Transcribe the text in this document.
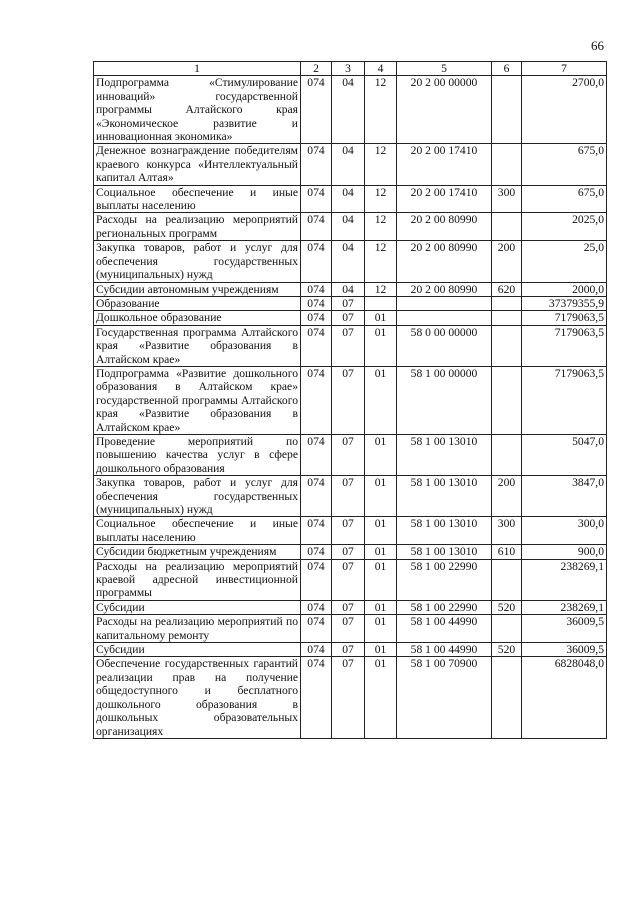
66
1	2	3	4	5	6	7
Подпрограмма «Стимулирование инноваций» государственной программы Алтайского края «Экономическое развитие и инновационная экономика»	074	04	12	20 2 00 00000		2700,0
Денежное вознаграждение победителям краевого конкурса «Интеллектуальный капитал Алтая»	074	04	12	20 2 00 17410		675,0
Социальное обеспечение и иные выплаты населению	074	04	12	20 2 00 17410	300	675,0
Расходы на реализацию мероприятий региональных программ	074	04	12	20 2 00 80990		2025,0
Закупка товаров, работ и услуг для обеспечения государственных (муниципальных) нужд	074	04	12	20 2 00 80990	200	25,0
Субсидии автономным учреждениям	074	04	12	20 2 00 80990	620	2000,0
Образование	074	07				37379355,9
Дошкольное образование	074	07	01			7179063,5
Государственная программа Алтайского края «Развитие образования в Алтайском крае»	074	07	01	58 0 00 00000		7179063,5
Подпрограмма «Развитие дошкольного образования в Алтайском крае» государственной программы Алтайского края «Развитие образования в Алтайском крае»	074	07	01	58 1 00 00000		7179063,5
Проведение мероприятий по повышению качества услуг в сфере дошкольного образования	074	07	01	58 1 00 13010		5047,0
Закупка товаров, работ и услуг для обеспечения государственных (муниципальных) нужд	074	07	01	58 1 00 13010	200	3847,0
Социальное обеспечение и иные выплаты населению	074	07	01	58 1 00 13010	300	300,0
Субсидии бюджетным учреждениям	074	07	01	58 1 00 13010	610	900,0
Расходы на реализацию мероприятий краевой адресной инвестиционной программы	074	07	01	58 1 00 22990		238269,1
Субсидии	074	07	01	58 1 00 22990	520	238269,1
Расходы на реализацию мероприятий по капитальному ремонту	074	07	01	58 1 00 44990		36009,5
Субсидии	074	07	01	58 1 00 44990	520	36009,5
Обеспечение государственных гарантий реализации прав на получение общедоступного и бесплатного дошкольного образования в дошкольных образовательных организациях	074	07	01	58 1 00 70900		6828048,0
